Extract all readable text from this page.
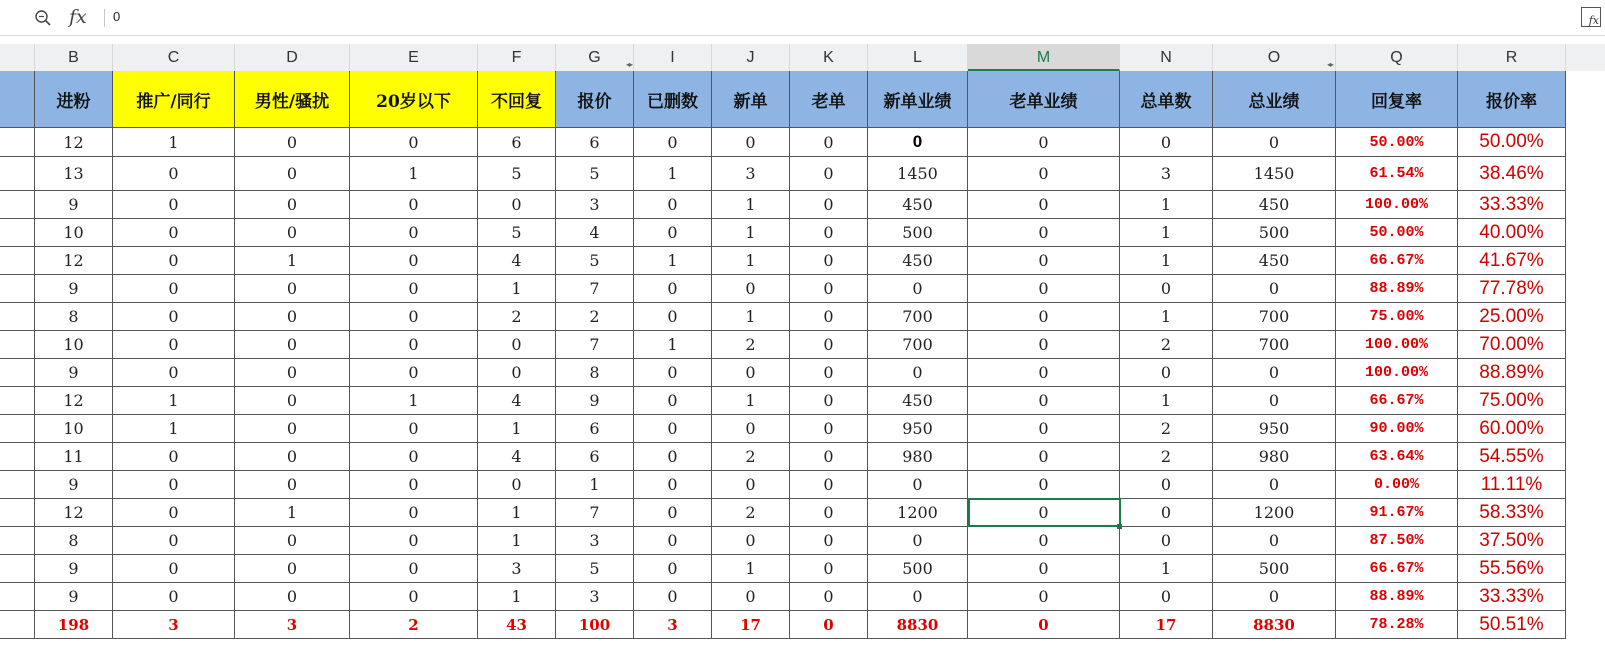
fx 0	fx
B	C	D	E	F	G	I	J	K	L	M	N	O	Q	R
进粉	推广/同行	男性/骚扰	20岁以下	不回复	报价	已删数	新单	老单	新单业绩	老单业绩	总单数	总业绩	回复率	报价率
12	1	0	0	6	6	0	0	0	0	0	0	0	50.00%	50.00%
13	0	0	1	5	5	1	3	0	1450	0	3	1450	61.54%	38.46%
9	0	0	0	0	3	0	1	0	450	0	1	450	100.00%	33.33%
10	0	0	0	5	4	0	1	0	500	0	1	500	50.00%	40.00%
12	0	1	0	4	5	1	1	0	450	0	1	450	66.67%	41.67%
9	0	0	0	1	7	0	0	0	0	0	0	0	88.89%	77.78%
8	0	0	0	2	2	0	1	0	700	0	1	700	75.00%	25.00%
10	0	0	0	0	7	1	2	0	700	0	2	700	100.00%	70.00%
9	0	0	0	0	8	0	0	0	0	0	0	0	100.00%	88.89%
12	1	0	1	4	9	0	1	0	450	0	1	0	66.67%	75.00%
10	1	0	0	1	6	0	0	0	950	0	2	950	90.00%	60.00%
11	0	0	0	4	6	0	2	0	980	0	2	980	63.64%	54.55%
9	0	0	0	0	1	0	0	0	0	0	0	0	0.00%	11.11%
12	0	1	0	1	7	0	2	0	1200	0	0	1200	91.67%	58.33%
8	0	0	0	1	3	0	0	0	0	0	0	0	87.50%	37.50%
9	0	0	0	3	5	0	1	0	500	0	1	500	66.67%	55.56%
9	0	0	0	1	3	0	0	0	0	0	0	0	88.89%	33.33%
198	3	3	2	43	100	3	17	0	8830	0	17	8830	78.28%	50.51%
◂▸	◂▸
